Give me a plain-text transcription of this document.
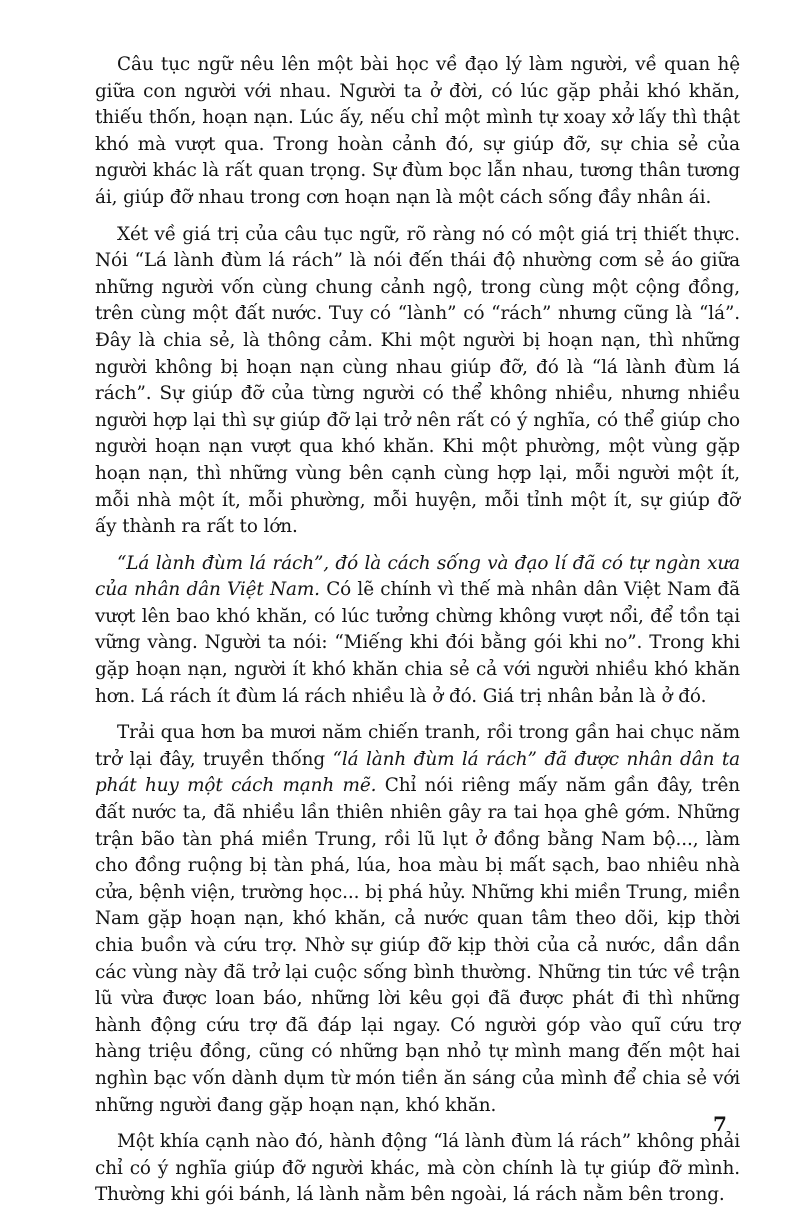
Câu tục ngữ nêu lên một bài học về đạo lý làm người, về quan hệ giữa con người với nhau. Người ta ở đời, có lúc gặp phải khó khăn, thiếu thốn, hoạn nạn. Lúc ấy, nếu chỉ một mình tự xoay xở lấy thì thật khó mà vượt qua. Trong hoàn cảnh đó, sự giúp đỡ, sự chia sẻ của người khác là rất quan trọng. Sự đùm bọc lẫn nhau, tương thân tương ái, giúp đỡ nhau trong cơn hoạn nạn là một cách sống đầy nhân ái.

Xét về giá trị của câu tục ngữ, rõ ràng nó có một giá trị thiết thực. Nói “Lá lành đùm lá rách” là nói đến thái độ nhường cơm sẻ áo giữa những người vốn cùng chung cảnh ngộ, trong cùng một cộng đồng, trên cùng một đất nước. Tuy có “lành” có “rách” nhưng cũng là “lá”. Đây là chia sẻ, là thông cảm. Khi một người bị hoạn nạn, thì những người không bị hoạn nạn cùng nhau giúp đỡ, đó là “lá lành đùm lá rách”. Sự giúp đỡ của từng người có thể không nhiều, nhưng nhiều người hợp lại thì sự giúp đỡ lại trở nên rất có ý nghĩa, có thể giúp cho người hoạn nạn vượt qua khó khăn. Khi một phường, một vùng gặp hoạn nạn, thì những vùng bên cạnh cùng hợp lại, mỗi người một ít, mỗi nhà một ít, mỗi phường, mỗi huyện, mỗi tỉnh một ít, sự giúp đỡ ấy thành ra rất to lớn.

“Lá lành đùm lá rách”, đó là cách sống và đạo lí đã có tự ngàn xưa của nhân dân Việt Nam. Có lẽ chính vì thế mà nhân dân Việt Nam đã vượt lên bao khó khăn, có lúc tưởng chừng không vượt nổi, để tồn tại vững vàng. Người ta nói: “Miếng khi đói bằng gói khi no”. Trong khi gặp hoạn nạn, người ít khó khăn chia sẻ cả với người nhiều khó khăn hơn. Lá rách ít đùm lá rách nhiều là ở đó. Giá trị nhân bản là ở đó.

Trải qua hơn ba mươi năm chiến tranh, rồi trong gần hai chục năm trở lại đây, truyền thống “lá lành đùm lá rách” đã được nhân dân ta phát huy một cách mạnh mẽ. Chỉ nói riêng mấy năm gần đây, trên đất nước ta, đã nhiều lần thiên nhiên gây ra tai họa ghê gớm. Những trận bão tàn phá miền Trung, rồi lũ lụt ở đồng bằng Nam bộ..., làm cho đồng ruộng bị tàn phá, lúa, hoa màu bị mất sạch, bao nhiêu nhà cửa, bệnh viện, trường học... bị phá hủy. Những khi miền Trung, miền Nam gặp hoạn nạn, khó khăn, cả nước quan tâm theo dõi, kịp thời chia buồn và cứu trợ. Nhờ sự giúp đỡ kịp thời của cả nước, dần dần các vùng này đã trở lại cuộc sống bình thường. Những tin tức về trận lũ vừa được loan báo, những lời kêu gọi đã được phát đi thì những hành động cứu trợ đã đáp lại ngay. Có người góp vào quĩ cứu trợ hàng triệu đồng, cũng có những bạn nhỏ tự mình mang đến một hai nghìn bạc vốn dành dụm từ món tiền ăn sáng của mình để chia sẻ với những người đang gặp hoạn nạn, khó khăn.

Một khía cạnh nào đó, hành động “lá lành đùm lá rách” không phải chỉ có ý nghĩa giúp đỡ người khác, mà còn chính là tự giúp đỡ mình. Thường khi gói bánh, lá lành nằm bên ngoài, lá rách nằm bên trong.

7
